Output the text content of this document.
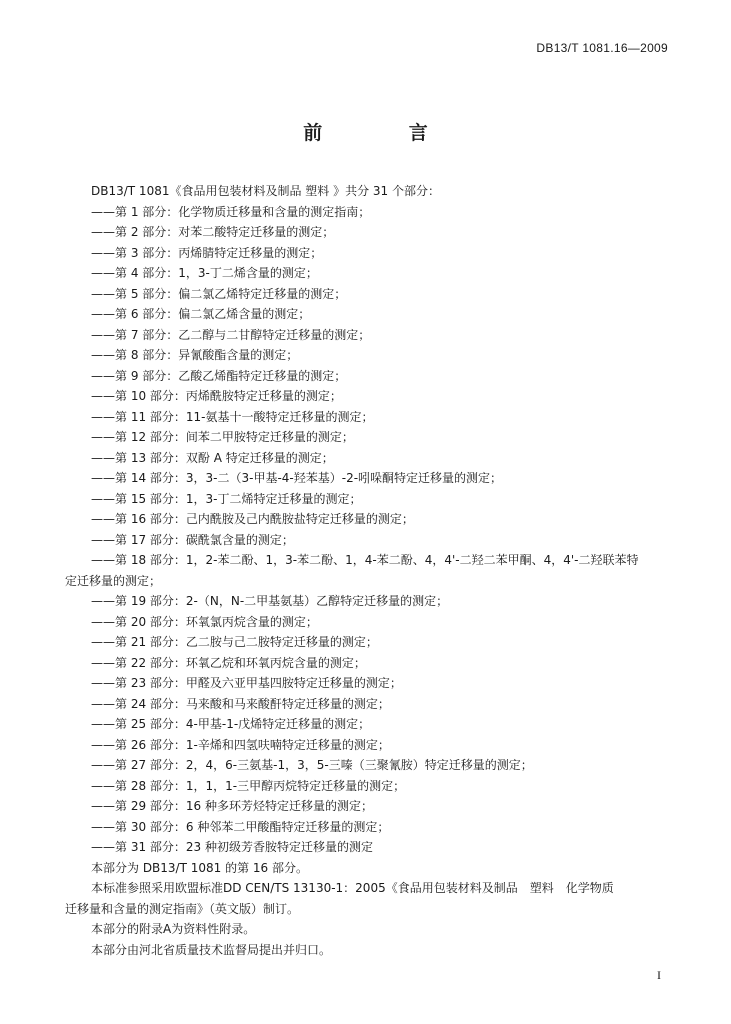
DB13/T 1081.16—2009
前 言
DB13/T 1081《食品用包装材料及制品 塑料 》共分 31 个部分：
——第 1 部分：化学物质迁移量和含量的测定指南；
——第 2 部分：对苯二酸特定迁移量的测定；
——第 3 部分：丙烯腈特定迁移量的测定；
——第 4 部分：1，3-丁二烯含量的测定；
——第 5 部分：偏二氯乙烯特定迁移量的测定；
——第 6 部分：偏二氯乙烯含量的测定；
——第 7 部分：乙二醇与二甘醇特定迁移量的测定；
——第 8 部分：异氰酸酯含量的测定；
——第 9 部分：乙酸乙烯酯特定迁移量的测定；
——第 10 部分：丙烯酰胺特定迁移量的测定；
——第 11 部分：11-氨基十一酸特定迁移量的测定；
——第 12 部分：间苯二甲胺特定迁移量的测定；
——第 13 部分：双酚 A 特定迁移量的测定；
——第 14 部分：3，3-二（3-甲基-4-羟苯基）-2-吲哚酮特定迁移量的测定；
——第 15 部分：1，3-丁二烯特定迁移量的测定；
——第 16 部分：己内酰胺及己内酰胺盐特定迁移量的测定；
——第 17 部分：碳酰氯含量的测定；
——第 18 部分：1，2-苯二酚、1，3-苯二酚、1，4-苯二酚、4，4'-二羟二苯甲酮、4，4'-二羟联苯特
定迁移量的测定；
——第 19 部分：2-（N，N-二甲基氨基）乙醇特定迁移量的测定；
——第 20 部分：环氧氯丙烷含量的测定；
——第 21 部分：乙二胺与己二胺特定迁移量的测定；
——第 22 部分：环氧乙烷和环氧丙烷含量的测定；
——第 23 部分：甲醛及六亚甲基四胺特定迁移量的测定；
——第 24 部分：马来酸和马来酸酐特定迁移量的测定；
——第 25 部分：4-甲基-1-戊烯特定迁移量的测定；
——第 26 部分：1-辛烯和四氢呋喃特定迁移量的测定；
——第 27 部分：2，4，6-三氨基-1，3，5-三嗪（三聚氰胺）特定迁移量的测定；
——第 28 部分：1，1，1-三甲醇丙烷特定迁移量的测定；
——第 29 部分：16 种多环芳烃特定迁移量的测定；
——第 30 部分：6 种邻苯二甲酸酯特定迁移量的测定；
——第 31 部分：23 种初级芳香胺特定迁移量的测定
本部分为 DB13/T 1081 的第 16 部分。
本标准参照采用欧盟标准DD CEN/TS 13130-1：2005《食品用包装材料及制品　塑料　化学物质
迁移量和含量的测定指南》（英文版）制订。
本部分的附录A为资料性附录。
本部分由河北省质量技术监督局提出并归口。
I
